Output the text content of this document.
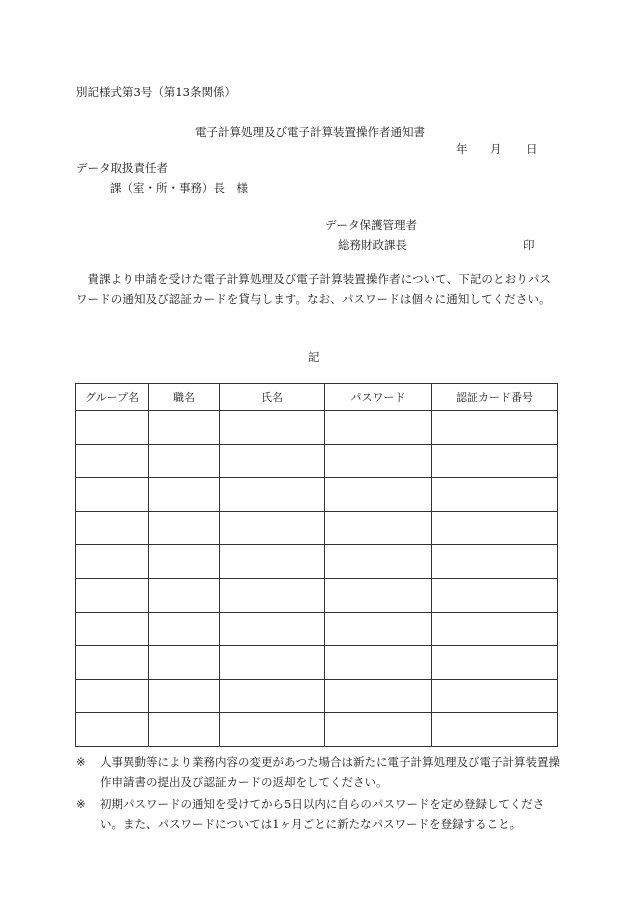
別記様式第3号（第13条関係）
電子計算処理及び電子計算装置操作者通知書
年	月	日
データ取扱責任者
課（室・所・事務）長　様
データ保護管理者
総務財政課長	印
貴課より申請を受けた電子計算処理及び電子計算装置操作者について、下記のとおりパスワードの通知及び認証カードを貸与します。なお、パスワードは個々に通知してください。
記
グループ名	職名	氏名	パスワード	認証カード番号

※ 人事異動等により業務内容の変更があつた場合は新たに電子計算処理及び電子計算装置操作申請書の提出及び認証カードの返却をしてください。
※ 初期パスワードの通知を受けてから5日以内に自らのパスワードを定め登録してください。また、パスワードについては1ヶ月ごとに新たなパスワードを登録すること。
